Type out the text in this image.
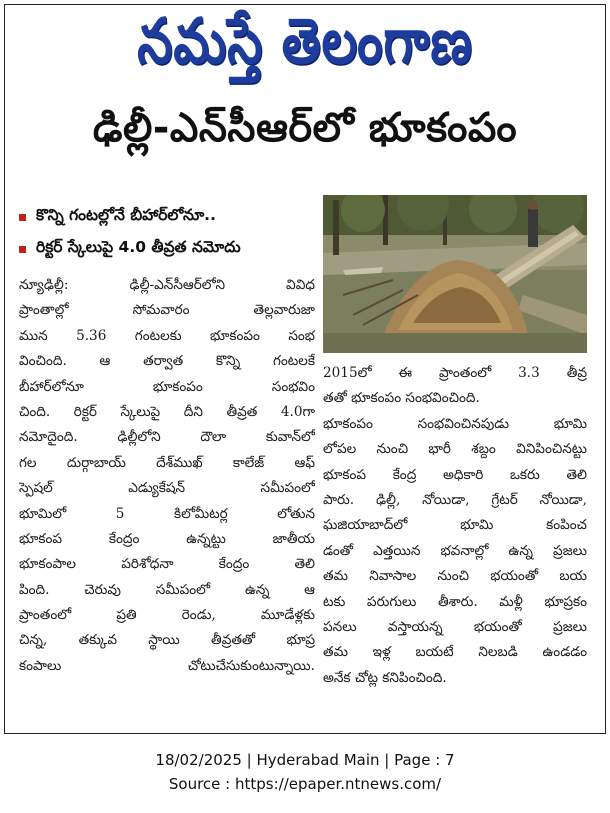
నమస్తే తెలంగాణ
ఢిల్లీ-ఎన్‌సీఆర్‌లో భూకంపం
కొన్ని గంటల్లోనే బీహార్‌లోనూ..
రిక్టర్ స్కేలుపై 4.0 తీవ్రత నమోదు
న్యూఢిల్లీ: ఢిల్లీ-ఎన్‌సీఆర్‌లోని వివిధ
ప్రాంతాల్లో సోమవారం తెల్లవారుజా
మున 5.36 గంటలకు భూకంపం సంభ
వించింది. ఆ తర్వాత కొన్ని గంటలకే
బీహార్‌లోనూ భూకంపం సంభవిం
చింది. రిక్టర్ స్కేలుపై దీని తీవ్రత 4.0గా
నమోదైంది. ఢిల్లీలోని దౌలా కువాన్‌లో
గల దుర్గాబాయ్ దేశ్‌ముఖ్ కాలేజ్ ఆఫ్
స్పెషల్ ఎడ్యుకేషన్ సమీపంలో
భూమిలో 5 కిలోమీటర్ల లోతున
భూకంప కేంద్రం ఉన్నట్టు జాతీయ
భూకంపాల పరిశోధనా కేంద్రం తెలి
పింది. చెరువు సమీపంలో ఉన్న ఆ
ప్రాంతంలో ప్రతి రెండు, మూడేళ్లకు
చిన్న, తక్కువ స్థాయి తీవ్రతతో భూప్ర
కంపాలు చోటుచేసుకుంటున్నాయి.
2015లో ఈ ప్రాంతంలో 3.3 తీవ్ర
తతో భూకంపం సంభవించింది.
భూకంపం సంభవించినపుడు భూమి
లోపల నుంచి భారీ శబ్దం వినిపించినట్టు
భూకంప కేంద్ర అధికారి ఒకరు తెలి
పారు. ఢిల్లీ, నోయిడా, గ్రేటర్ నోయిడా,
ఘజియాబాద్‌లో భూమి కంపించ
డంతో ఎత్తయిన భవనాల్లో ఉన్న ప్రజలు
తమ నివాసాల నుంచి భయంతో బయ
టకు పరుగులు తీశారు. మళ్లీ భూప్రకం
పనలు వస్తాయన్న భయంతో ప్రజలు
తమ ఇళ్ల బయటే నిలబడి ఉండడం
అనేక చోట్ల కనిపించింది.
18/02/2025 | Hyderabad Main | Page : 7
Source : https://epaper.ntnews.com/
